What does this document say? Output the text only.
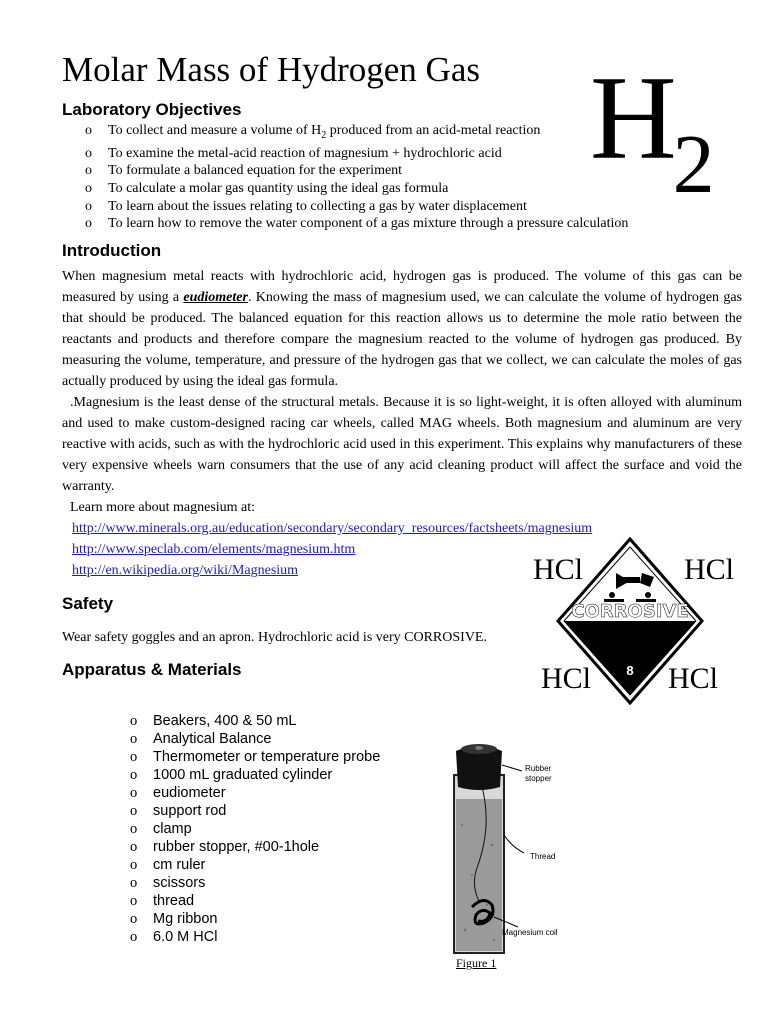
Molar Mass of Hydrogen Gas $H_2$
Laboratory Objectives
o To collect and measure a volume of $H_2$ produced from an acid-metal reaction
o To examine the metal-acid reaction of magnesium + hydrochloric acid
o To formulate a balanced equation for the experiment
o To calculate a molar gas quantity using the ideal gas formula
o To learn about the issues relating to collecting a gas by water displacement
o To learn how to remove the water component of a gas mixture through a pressure calculation
Introduction

When magnesium metal reacts with hydrochloric acid, hydrogen gas is produced. The volume of this gas can be measured by using a eudiometer. Knowing the mass of magnesium used, we can calculate the volume of hydrogen gas that should be produced. The balanced equation for this reaction allows us to determine the mole ratio between the reactants and products and therefore compare the magnesium reacted to the volume of hydrogen gas produced. By measuring the volume, temperature, and pressure of the hydrogen gas that we collect, we can calculate the moles of gas actually produced by using the ideal gas formula.

.Magnesium is the least dense of the structural metals. Because it is so light-weight, it is often alloyed with aluminum and used to make custom-designed racing car wheels, called MAG wheels. Both magnesium and aluminum are very reactive with acids, such as with the hydrochloric acid used in this experiment. This explains why manufacturers of these very expensive wheels warn consumers that the use of any acid cleaning product will affect the surface and void the warranty.

Learn more about magnesium at:

http://www.minerals.org.au/education/secondary/secondary_resources/factsheets/magnesium
http://www.speclab.com/elements/magnesium.htm
http://en.wikipedia.org/wiki/Magnesium
Safety
Wear safety goggles and an apron. Hydrochloric acid is very CORROSIVE.
CORROSIVE
8
HCl	HCl
HCl	HCl
Apparatus & Materials
o Beakers, 400 & 50 mL
o Analytical Balance
o Thermometer or temperature probe
o 1000 mL graduated cylinder
o eudiometer
o support rod
o clamp
o rubber stopper, #00-1hole
o cm ruler
o scissors
o thread
o Mg ribbon
o 6.0 M HCl
Rubber
stopper
Thread
Magnesium coil
Figure 1
